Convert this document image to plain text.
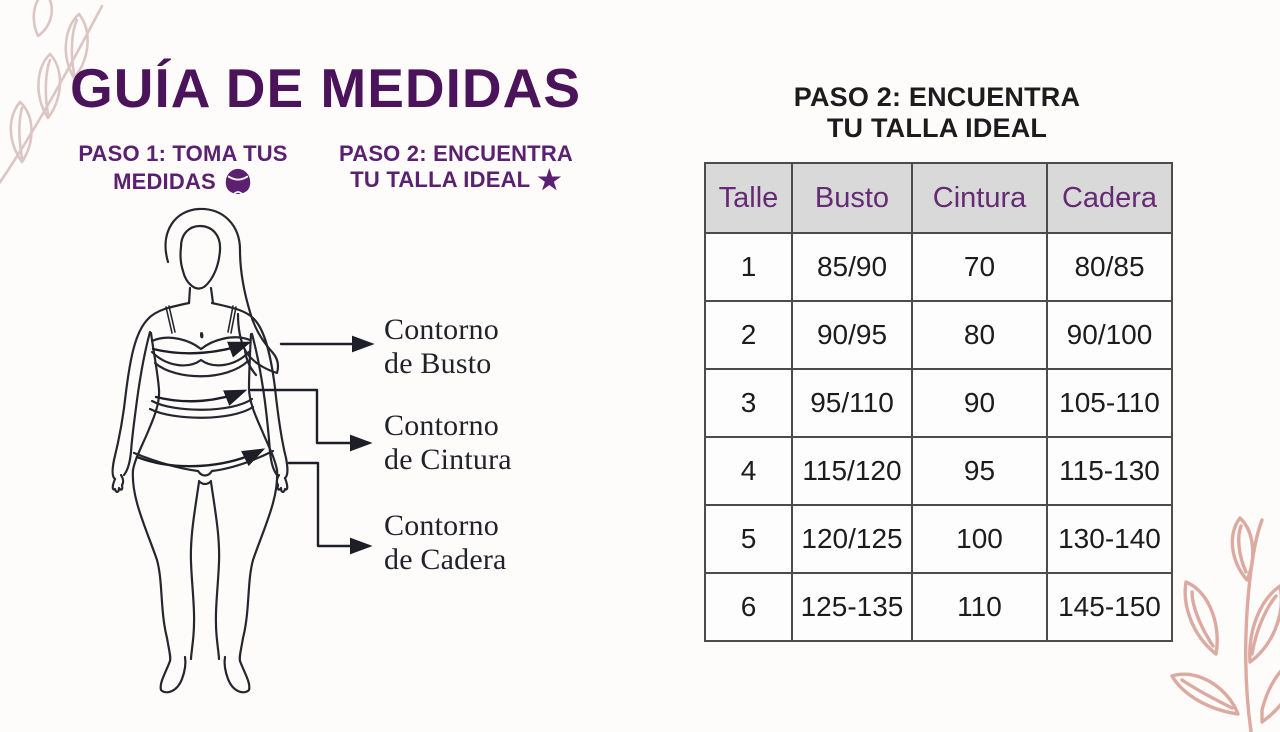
GUÍA DE MEDIDAS
PASO 1: TOMA TUS
MEDIDAS
PASO 2: ENCUENTRA
TU TALLA IDEAL ★
PASO 2: ENCUENTRA
TU TALLA IDEAL
Contorno
de Busto
Contorno
de Cintura
Contorno
de Cadera
Talle	Busto	Cintura	Cadera
1	85/90	70	80/85
2	90/95	80	90/100
3	95/110	90	105-110
4	115/120	95	115-130
5	120/125	100	130-140
6	125-135	110	145-150
